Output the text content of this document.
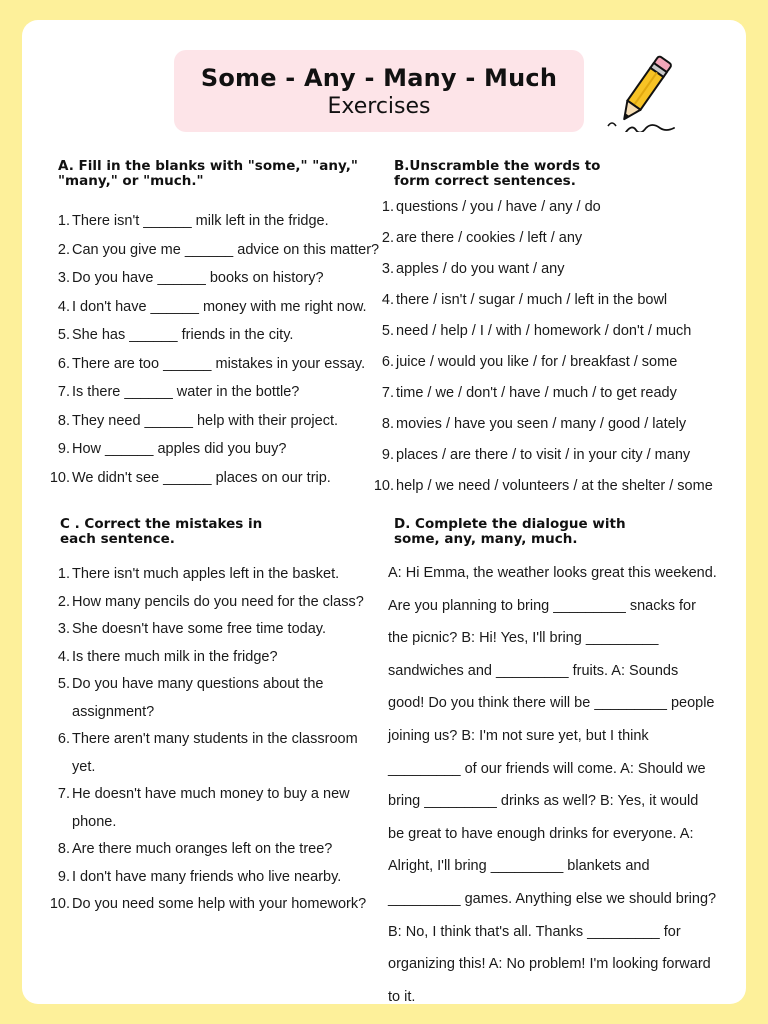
Some - Any - Many - Much
Exercises
A. Fill in the blanks with "some," "any," "many," or "much."
1. There isn't ______ milk left in the fridge.
2. Can you give me ______ advice on this matter?
3. Do you have ______ books on history?
4. I don't have ______ money with me right now.
5. She has ______ friends in the city.
6. There are too ______ mistakes in your essay.
7. Is there ______ water in the bottle?
8. They need ______ help with their project.
9. How ______ apples did you buy?
10. We didn't see ______ places on our trip.
B.Unscramble the words to form correct sentences.
1. questions / you / have / any / do
2. are there / cookies / left / any
3. apples / do you want / any
4. there / isn't / sugar / much / left in the bowl
5. need / help / I / with / homework / don't / much
6. juice / would you like / for / breakfast / some
7. time / we / don't / have / much / to get ready
8. movies / have you seen / many / good / lately
9. places / are there / to visit / in your city / many
10. help / we need / volunteers / at the shelter / some
C . Correct the mistakes in each sentence.
1. There isn't much apples left in the basket.
2. How many pencils do you need for the class?
3. She doesn't have some free time today.
4. Is there much milk in the fridge?
5. Do you have many questions about the assignment?
6. There aren't many students in the classroom yet.
7. He doesn't have much money to buy a new phone.
8. Are there much oranges left on the tree?
9. I don't have many friends who live nearby.
10. Do you need some help with your homework?
D. Complete the dialogue with some, any, many, much.
A: Hi Emma, the weather looks great this weekend. Are you planning to bring _________ snacks for the picnic? B: Hi! Yes, I'll bring _________ sandwiches and _________ fruits. A: Sounds good! Do you think there will be _________ people joining us? B: I'm not sure yet, but I think _________ of our friends will come. A: Should we bring _________ drinks as well? B: Yes, it would be great to have enough drinks for everyone. A: Alright, I'll bring _________ blankets and _________ games. Anything else we should bring? B: No, I think that's all. Thanks _________ for organizing this! A: No problem! I'm looking forward to it.
